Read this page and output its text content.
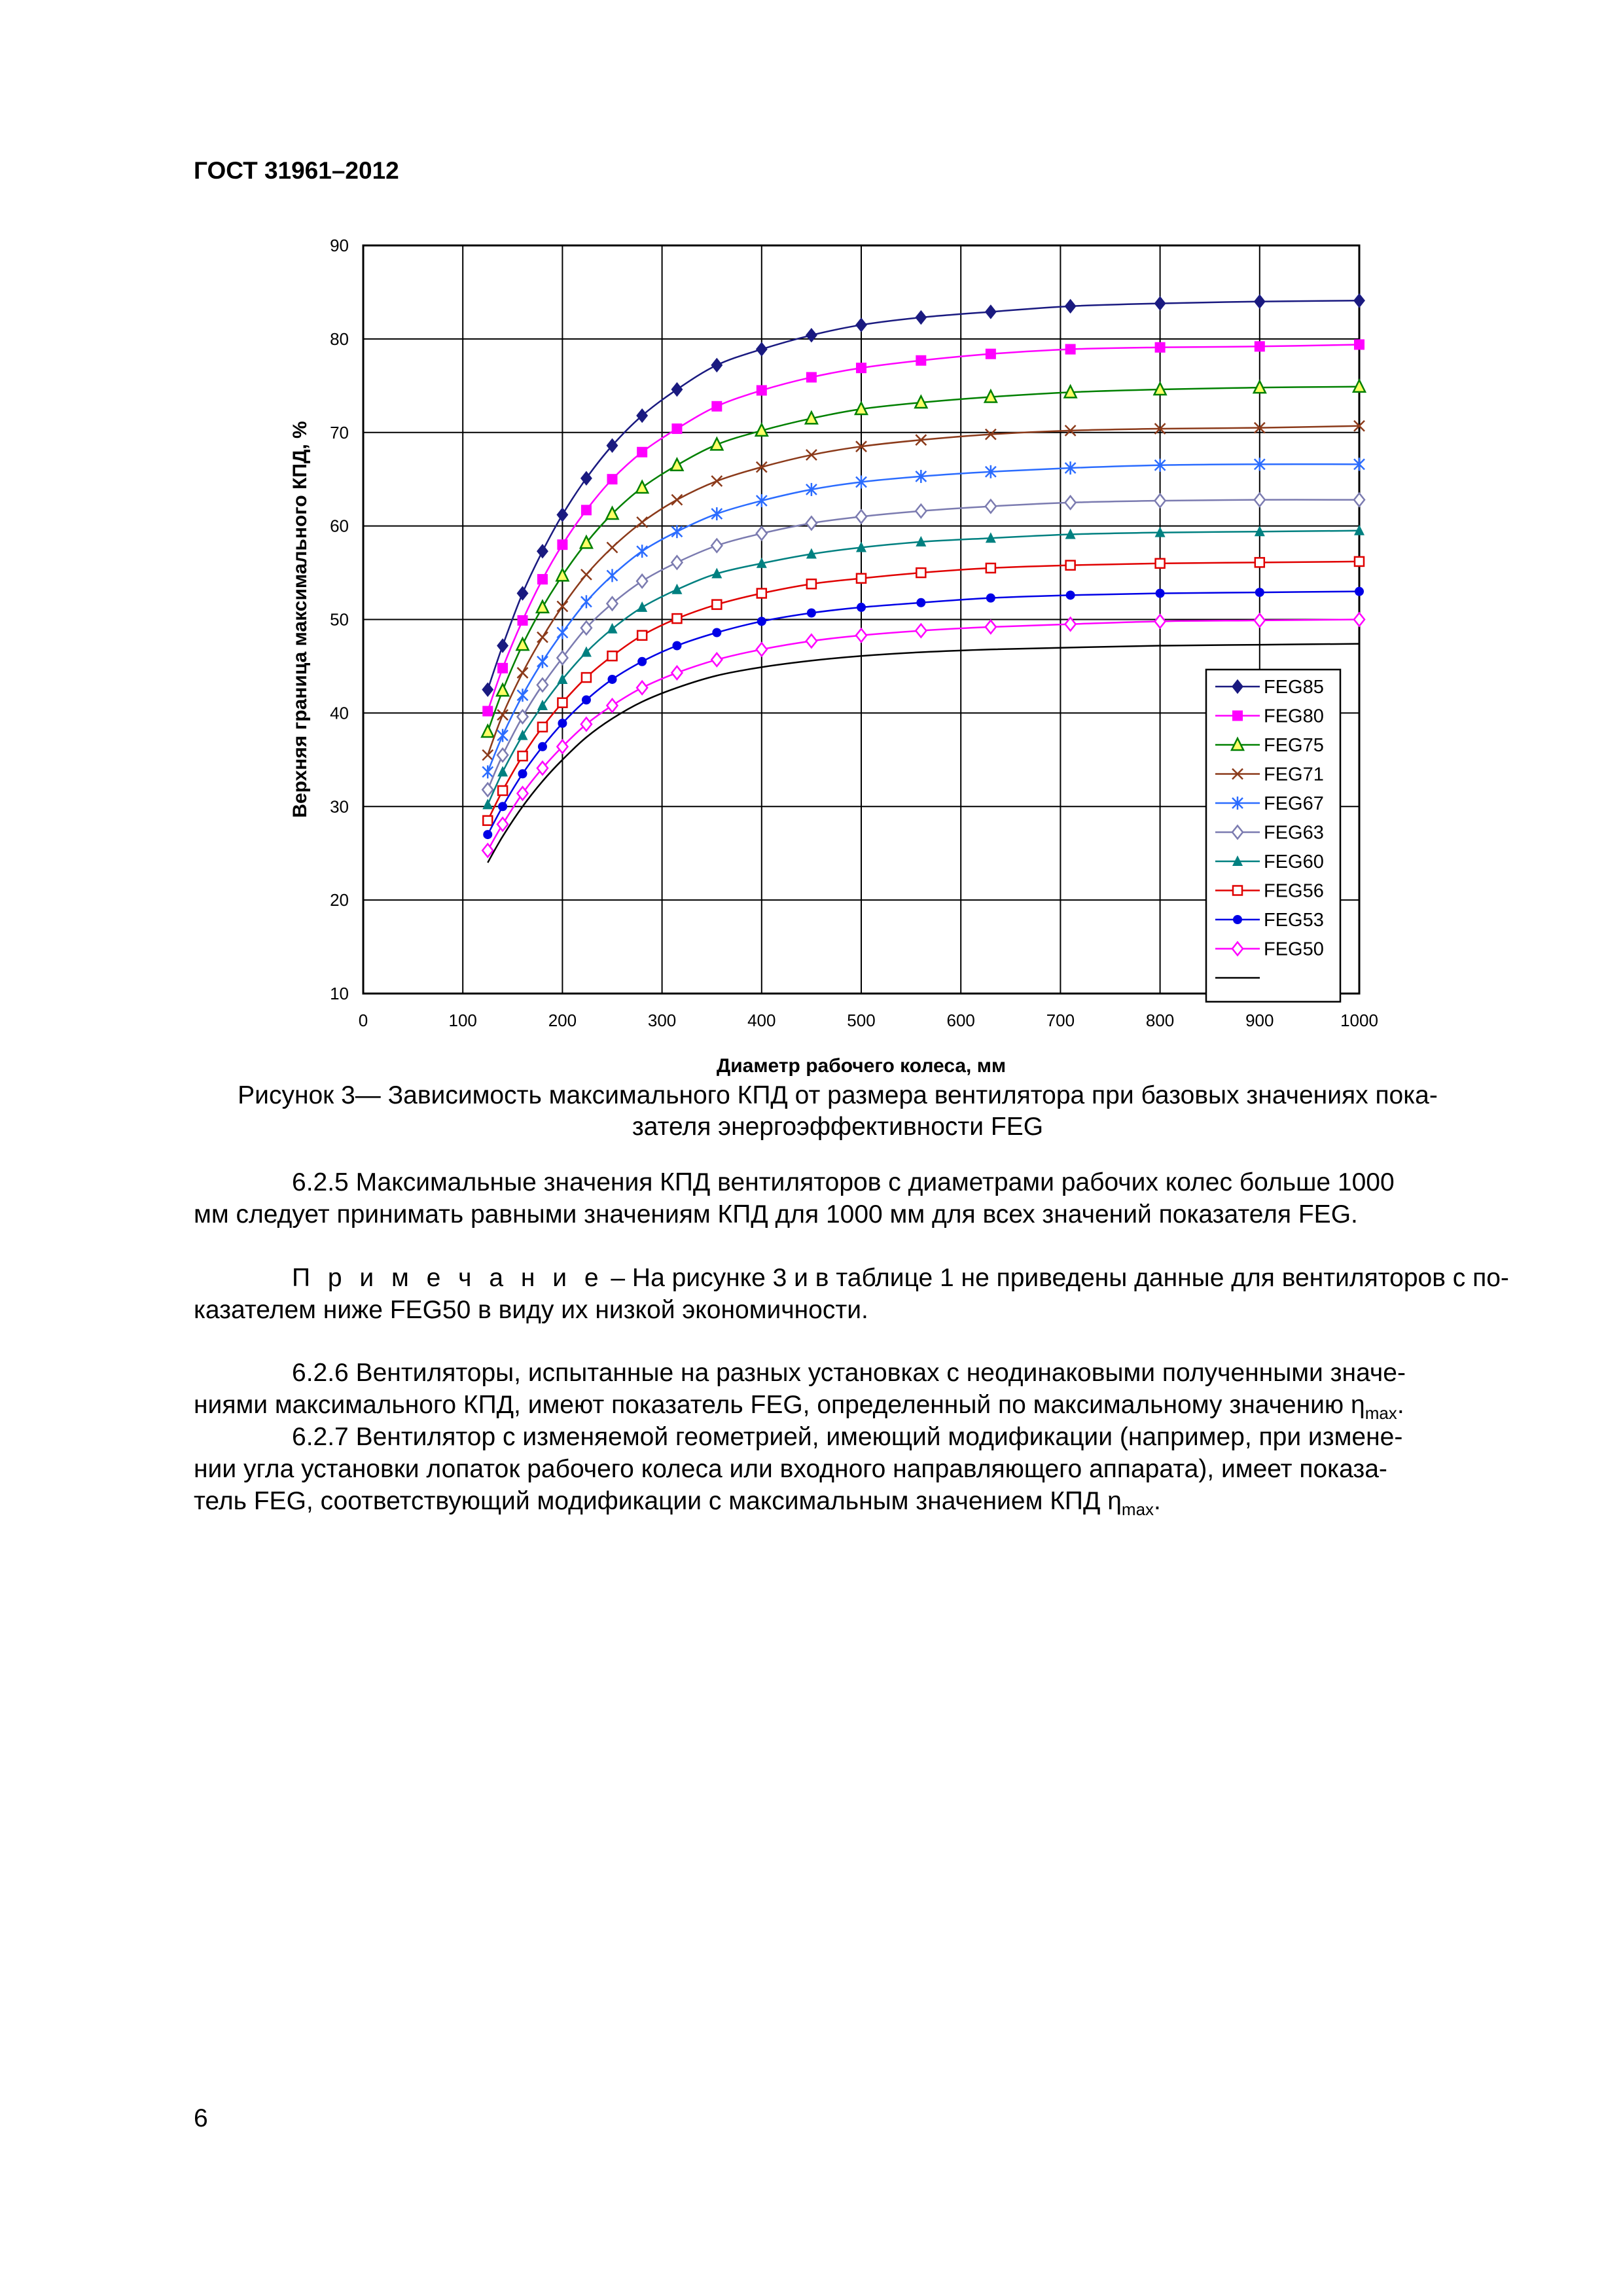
ГОСТ 31961–2012
0	100	200	300	400	500	600	700	800	900	1000
10
20
30
40
50
60
70
80
90
Диаметр рабочего колеса, мм
Верхняя граница максимального КПД, %	FEG85
FEG80
FEG75
FEG71
FEG67
FEG63
FEG60
FEG56
FEG53
FEG50
Рисунок 3— Зависимость максимального КПД от размера вентилятора при базовых значениях пока-
зателя энергоэффективности FEG
6.2.5 Максимальные значения КПД вентиляторов с диаметрами рабочих колес больше 1000
мм следует принимать равными значениям КПД для 1000 мм для всех значений показателя FEG.
П р и м е ч а н и е – На рисунке 3 и в таблице 1 не приведены данные для вентиляторов с по-
казателем ниже FEG50 в виду их низкой экономичности.
6.2.6 Вентиляторы, испытанные на разных установках с неодинаковыми полученными значе-
ниями максимального КПД, имеют показатель FEG, определенный по максимальному значению $\eta_{max}$.
6.2.7 Вентилятор с изменяемой геометрией, имеющий модификации (например, при измене-
нии угла установки лопаток рабочего колеса или входного направляющего аппарата), имеет показа-
тель FEG, соответствующий модификации с максимальным значением КПД $\eta_{max}$.
6
